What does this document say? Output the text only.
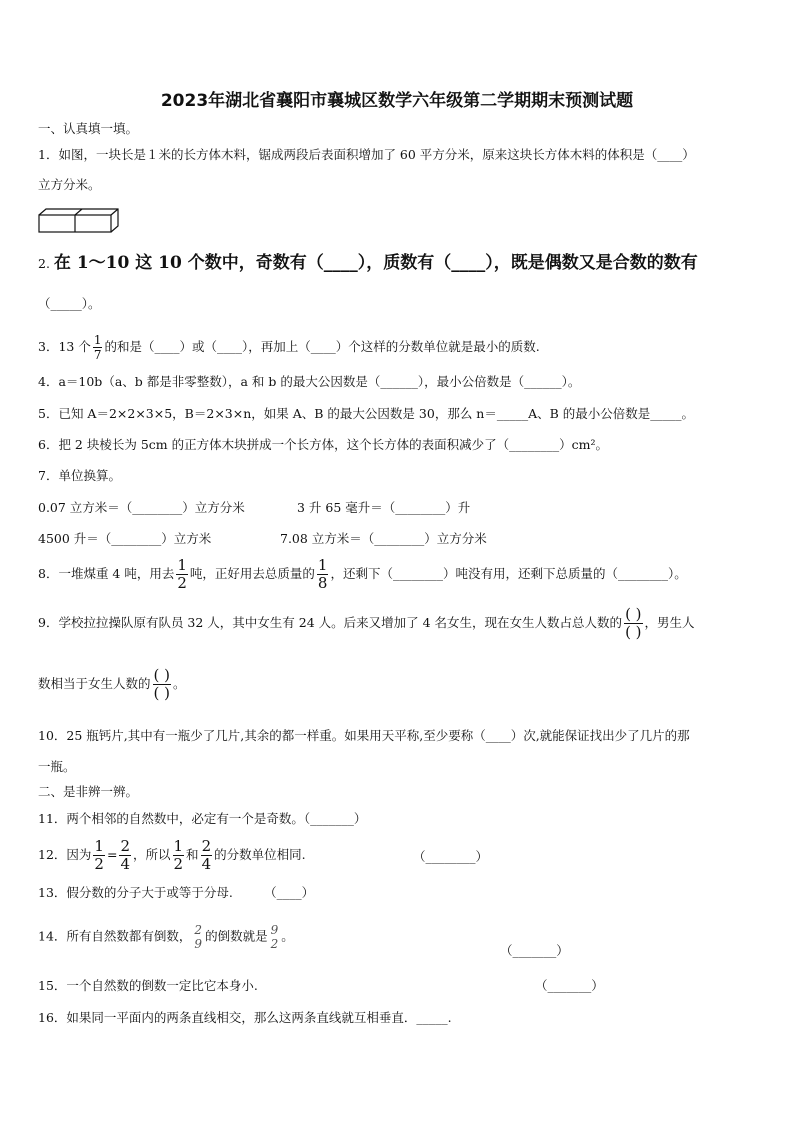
2023年湖北省襄阳市襄城区数学六年级第二学期期末预测试题
一、认真填一填。
1．如图，一块长是１米的长方体木料，锯成两段后表面积增加了 60 平方分米，原来这块长方体木料的体积是（____）
立方分米。
2. 在 1～10 这 10 个数中，奇数有（____），质数有（____），既是偶数又是合数的数有
（_____）。
3．13 个 $\frac{1}{7}$ 的和是（____）或（____），再加上（____）个这样的分数单位就是最小的质数.
4．a＝10b（a、b 都是非零整数），a 和 b 的最大公因数是（______），最小公倍数是（______）。
5．已知 A＝2×2×3×5，B＝2×3×n，如果 A、B 的最大公因数是 30，那么 n＝_____A、B 的最小公倍数是_____。
6．把 2 块棱长为 5cm 的正方体木块拼成一个长方体，这个长方体的表面积减少了（________）cm²。
7．单位换算。
0.07 立方米＝（________）立方分米	3 升 65 毫升＝（________）升
4500 升＝（________）立方米	7.08 立方米＝（________）立方分米
8．一堆煤重 4 吨，用去 $\frac{1}{2}$ 吨，正好用去总质量的 $\frac{1}{8}$ ，还剩下（________）吨没有用，还剩下总质量的（________）。
9．学校拉拉操队原有队员 32 人，其中女生有 24 人。后来又增加了 4 名女生，现在女生人数占总人数的 $\frac{( )}{( )}$ ，男生人
数相当于女生人数的 $\frac{( )}{( )}$ 。
10．25 瓶钙片,其中有一瓶少了几片,其余的都一样重。如果用天平称,至少要称（____）次,就能保证找出少了几片的那
一瓶。
二、是非辨一辨。
11．两个相邻的自然数中，必定有一个是奇数。（_______）
12．因为 $\frac{1}{2} = \frac{2}{4}$ ，所以 $\frac{1}{2}$ 和 $\frac{2}{4}$ 的分数单位相同.	（________）
13．假分数的分子大于或等于分母.　　　（____）
14．所有自然数都有倒数， 2
9
的倒数就是 9
2
。
（_______）
15．一个自然数的倒数一定比它本身小.	（_______）
16．如果同一平面内的两条直线相交，那么这两条直线就互相垂直．_____.
